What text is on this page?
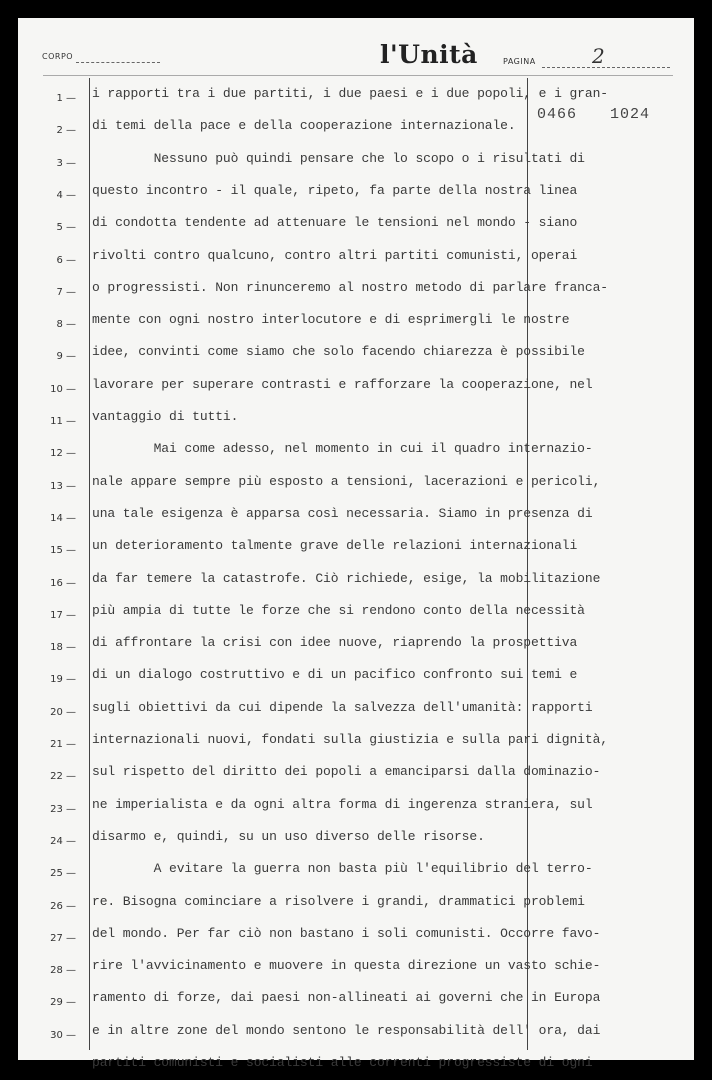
CORPO	l'Unità	PAGINA	2
0466 1024
1 —
2 —
3 —
4 —
5 —
6 —
7 —
8 —
9 —
10 —
11 —
12 —
13 —
14 —
15 —
16 —
17 —
18 —
19 —
20 —
21 —
22 —
23 —
24 —
25 —
26 —
27 —
28 —
29 —
30 —
i rapporti tra i due partiti, i due paesi e i due popoli, e i gran-
di temi della pace e della cooperazione internazionale.
Nessuno può quindi pensare che lo scopo o i risultati di
questo incontro - il quale, ripeto, fa parte della nostra linea
di condotta tendente ad attenuare le tensioni nel mondo - siano
rivolti contro qualcuno, contro altri partiti comunisti, operai
o progressisti. Non rinunceremo al nostro metodo di parlare franca-
mente con ogni nostro interlocutore e di esprimergli le nostre
idee, convinti come siamo che solo facendo chiarezza è possibile
lavorare per superare contrasti e rafforzare la cooperazione, nel
vantaggio di tutti.
Mai come adesso, nel momento in cui il quadro internazio-
nale appare sempre più esposto a tensioni, lacerazioni e pericoli,
una tale esigenza è apparsa così necessaria. Siamo in presenza di
un deterioramento talmente grave delle relazioni internazionali
da far temere la catastrofe. Ciò richiede, esige, la mobilitazione
più ampia di tutte le forze che si rendono conto della necessità
di affrontare la crisi con idee nuove, riaprendo la prospettiva
di un dialogo costruttivo e di un pacifico confronto sui temi e
sugli obiettivi da cui dipende la salvezza dell'umanità: rapporti
internazionali nuovi, fondati sulla giustizia e sulla pari dignità,
sul rispetto del diritto dei popoli a emanciparsi dalla dominazio-
ne imperialista e da ogni altra forma di ingerenza straniera, sul
disarmo e, quindi, su un uso diverso delle risorse.
A evitare la guerra non basta più l'equilibrio del terro-
re. Bisogna cominciare a risolvere i grandi, drammatici problemi
del mondo. Per far ciò non bastano i soli comunisti. Occorre favo-
rire l'avvicinamento e muovere in questa direzione un vasto schie-
ramento di forze, dai paesi non-allineati ai governi che in Europa
e in altre zone del mondo sentono le responsabilità dell' ora, dai
partiti comunisti e socialisti alle correnti progressiste di ogni
